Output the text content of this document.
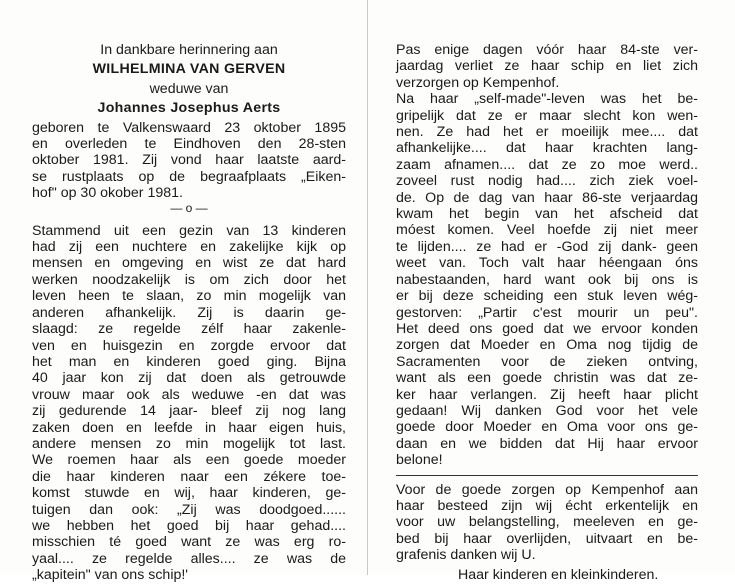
In dankbare herinnering aan
WILHELMINA VAN GERVEN
weduwe van
Johannes Josephus Aerts
geboren te Valkenswaard 23 oktober 1895
en overleden te Eindhoven den 28-sten
oktober 1981. Zij vond haar laatste aard-
se rustplaats op de begraafplaats „Eiken-
hof" op 30 okober 1981.
— o —
Stammend uit een gezin van 13 kinderen
had zij een nuchtere en zakelijke kijk op
mensen en omgeving en wist ze dat hard
werken noodzakelijk is om zich door het
leven heen te slaan, zo min mogelijk van
anderen afhankelijk. Zij is daarin ge-
slaagd: ze regelde zélf haar zakenle-
ven en huisgezin en zorgde ervoor dat
het man en kinderen goed ging. Bijna
40 jaar kon zij dat doen als getrouwde
vrouw maar ook als weduwe -en dat was
zij gedurende 14 jaar- bleef zij nog lang
zaken doen en leefde in haar eigen huis,
andere mensen zo min mogelijk tot last.
We roemen haar als een goede moeder
die haar kinderen naar een zékere toe-
komst stuwde en wij, haar kinderen, ge-
tuigen dan ook: „Zij was doodgoed......
we hebben het goed bij haar gehad....
misschien té goed want ze was erg ro-
yaal.... ze regelde alles.... ze was de
„kapitein" van ons schip!'
Pas enige dagen vóór haar 84-ste ver-
jaardag verliet ze haar schip en liet zich
verzorgen op Kempenhof.
Na haar „self-made"-leven was het be-
gripelijk dat ze er maar slecht kon wen-
nen. Ze had het er moeilijk mee.... dat
afhankelijke.... dat haar krachten lang-
zaam afnamen.... dat ze zo moe werd..
zoveel rust nodig had.... zich ziek voel-
de. Op de dag van haar 86-ste verjaardag
kwam het begin van het afscheid dat
móest komen. Veel hoefde zij niet meer
te lijden.... ze had er -God zij dank- geen
weet van. Toch valt haar héengaan óns
nabestaanden, hard want ook bij ons is
er bij deze scheiding een stuk leven wég-
gestorven: „Partir c'est mourir un peu".
Het deed ons goed dat we ervoor konden
zorgen dat Moeder en Oma nog tijdig de
Sacramenten voor de zieken ontving,
want als een goede christin was dat ze-
ker haar verlangen. Zij heeft haar plicht
gedaan! Wij danken God voor het vele
goede door Moeder en Oma voor ons ge-
daan en we bidden dat Hij haar ervoor
belone!
Voor de goede zorgen op Kempenhof aan
haar besteed zijn wij écht erkentelijk en
voor uw belangstelling, meeleven en ge-
bed bij haar overlijden, uitvaart en be-
grafenis danken wij U.
Haar kinderen en kleinkinderen.
